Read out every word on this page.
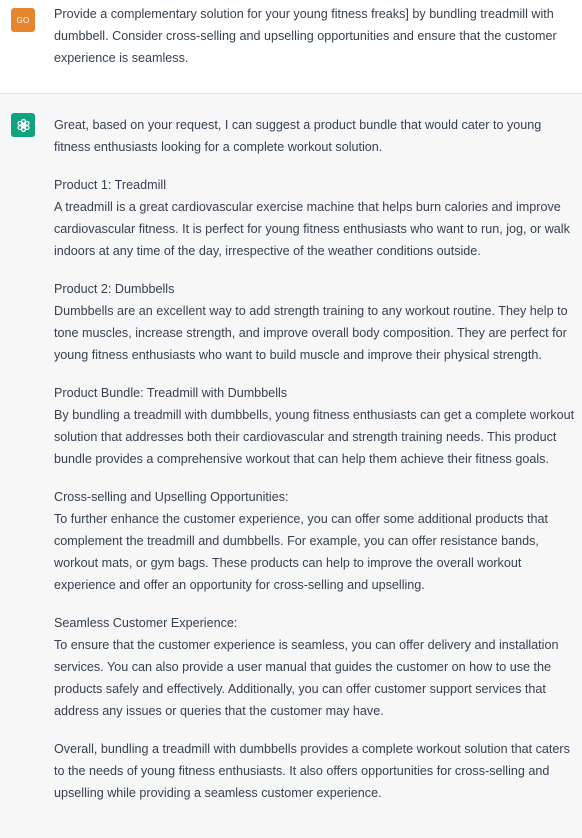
GO Provide a complementary solution for your young fitness freaks] by bundling treadmill with dumbbell. Consider cross-selling and upselling opportunities and ensure that the customer experience is seamless.

Great, based on your request, I can suggest a product bundle that would cater to young fitness enthusiasts looking for a complete workout solution.

Product 1: Treadmill
A treadmill is a great cardiovascular exercise machine that helps burn calories and improve cardiovascular fitness. It is perfect for young fitness enthusiasts who want to run, jog, or walk indoors at any time of the day, irrespective of the weather conditions outside.

Product 2: Dumbbells
Dumbbells are an excellent way to add strength training to any workout routine. They help to tone muscles, increase strength, and improve overall body composition. They are perfect for young fitness enthusiasts who want to build muscle and improve their physical strength.

Product Bundle: Treadmill with Dumbbells
By bundling a treadmill with dumbbells, young fitness enthusiasts can get a complete workout solution that addresses both their cardiovascular and strength training needs. This product bundle provides a comprehensive workout that can help them achieve their fitness goals.

Cross-selling and Upselling Opportunities:
To further enhance the customer experience, you can offer some additional products that complement the treadmill and dumbbells. For example, you can offer resistance bands, workout mats, or gym bags. These products can help to improve the overall workout experience and offer an opportunity for cross-selling and upselling.

Seamless Customer Experience:
To ensure that the customer experience is seamless, you can offer delivery and installation services. You can also provide a user manual that guides the customer on how to use the products safely and effectively. Additionally, you can offer customer support services that address any issues or queries that the customer may have.

Overall, bundling a treadmill with dumbbells provides a complete workout solution that caters to the needs of young fitness enthusiasts. It also offers opportunities for cross-selling and upselling while providing a seamless customer experience.
